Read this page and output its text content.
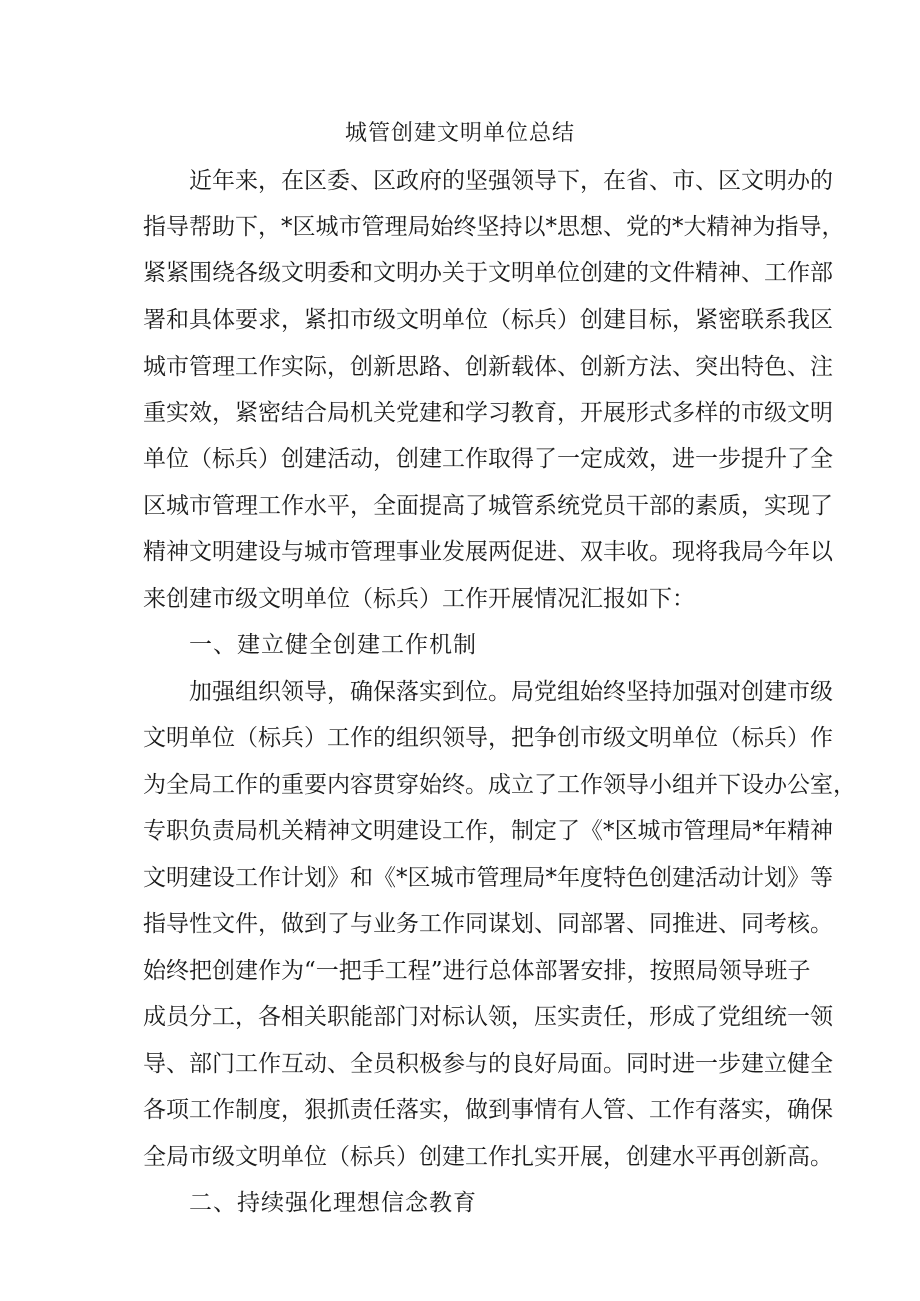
城管创建文明单位总结
近年来，在区委、区政府的坚强领导下，在省、市、区文明办的
指导帮助下，*区城市管理局始终坚持以*思想、党的*大精神为指导，
紧紧围绕各级文明委和文明办关于文明单位创建的文件精神、工作部
署和具体要求，紧扣市级文明单位（标兵）创建目标，紧密联系我区
城市管理工作实际，创新思路、创新载体、创新方法、突出特色、注
重实效，紧密结合局机关党建和学习教育，开展形式多样的市级文明
单位（标兵）创建活动，创建工作取得了一定成效，进一步提升了全
区城市管理工作水平，全面提高了城管系统党员干部的素质，实现了
精神文明建设与城市管理事业发展两促进、双丰收。现将我局今年以
来创建市级文明单位（标兵）工作开展情况汇报如下：
一、建立健全创建工作机制
加强组织领导，确保落实到位。局党组始终坚持加强对创建市级
文明单位（标兵）工作的组织领导，把争创市级文明单位（标兵）作
为全局工作的重要内容贯穿始终。成立了工作领导小组并下设办公室，
专职负责局机关精神文明建设工作，制定了《*区城市管理局*年精神
文明建设工作计划》和《*区城市管理局*年度特色创建活动计划》等
指导性文件，做到了与业务工作同谋划、同部署、同推进、同考核。
始终把创建作为“一把手工程”进行总体部署安排，按照局领导班子
成员分工，各相关职能部门对标认领，压实责任，形成了党组统一领
导、部门工作互动、全员积极参与的良好局面。同时进一步建立健全
各项工作制度，狠抓责任落实，做到事情有人管、工作有落实，确保
全局市级文明单位（标兵）创建工作扎实开展，创建水平再创新高。
二、持续强化理想信念教育
